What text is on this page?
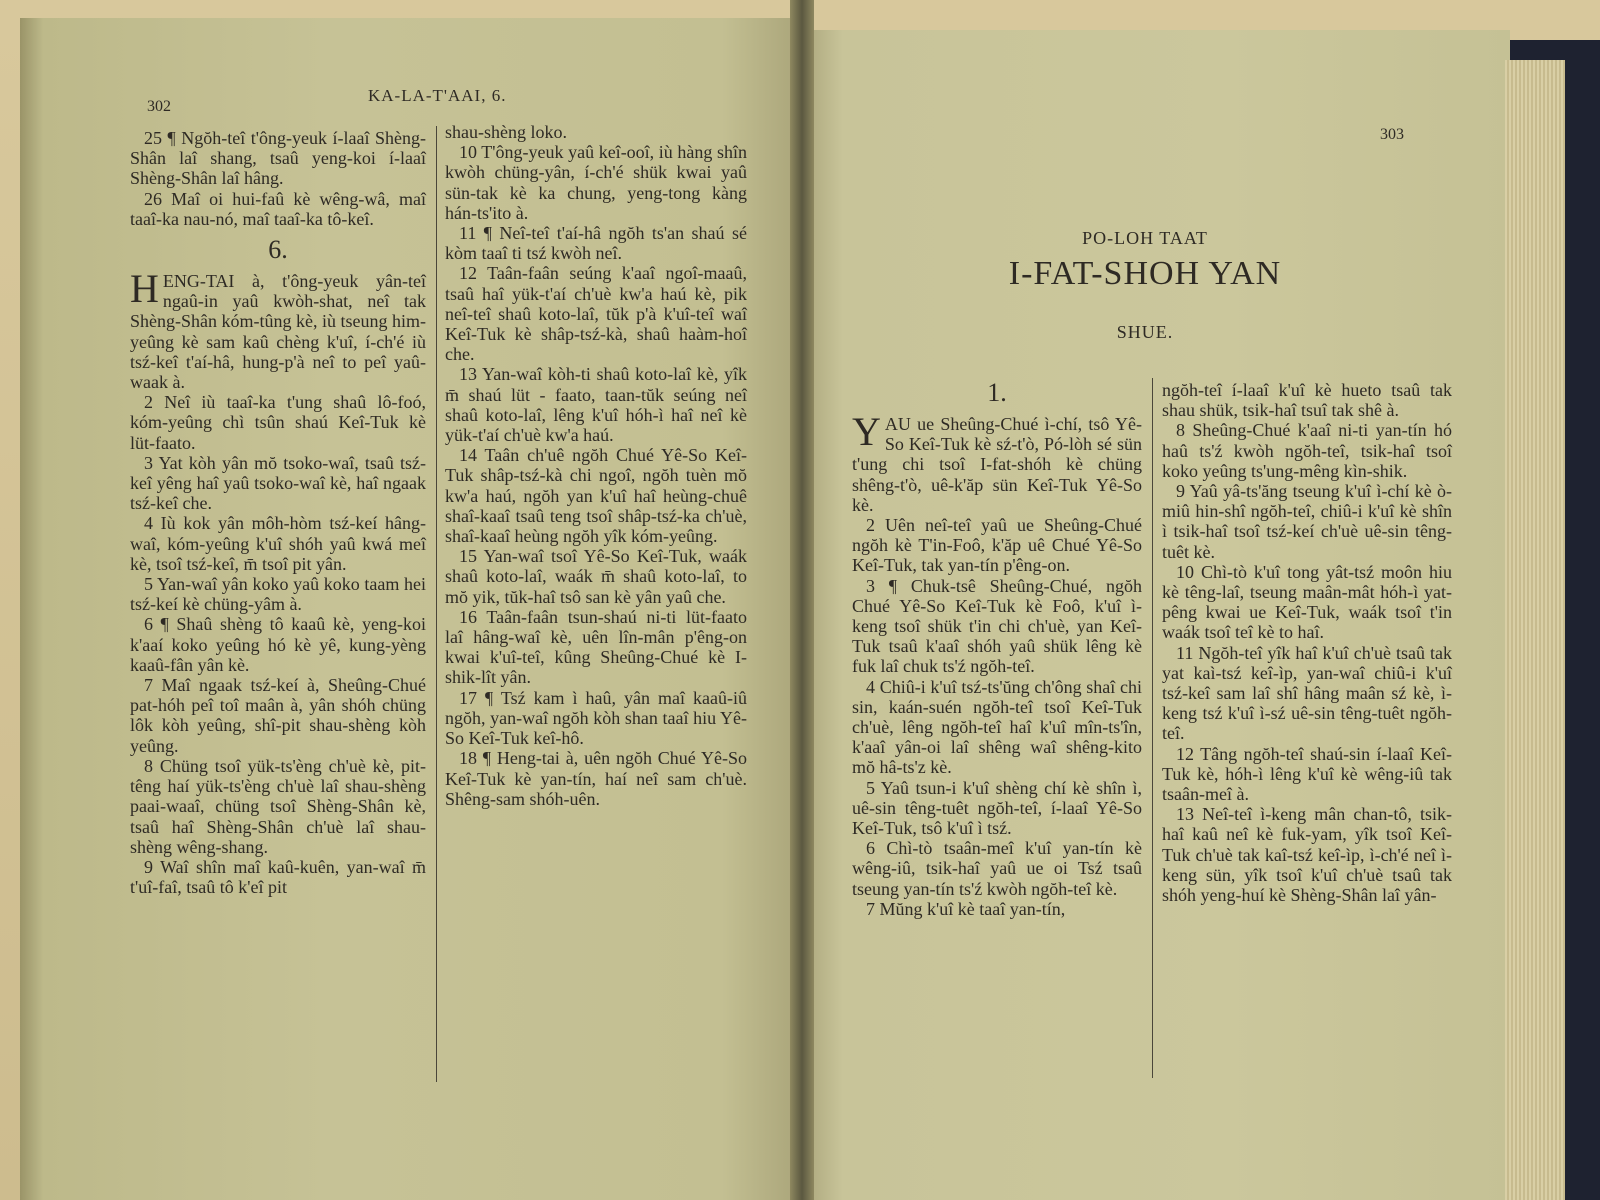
302
KA-LA-T'AAI, 6.

25 ¶ Ngŏh-teî t'ông-yeuk í-laaî Shèng-Shân laî shang, tsaû yeng-koi í-laaî Shèng-Shân laî hâng.

26 Maî oi hui-faû kè wêng-wâ, maî taaî-ka nau-nó, maî taaî-ka tô-keî.

6.

HENG-TAI à, t'ông-yeuk yân-teî ngaû-in yaû kwòh-shat, neî tak Shèng-Shân kóm-tûng kè, iù tseung him-yeûng kè sam kaû chèng k'uî, í-ch'é iù tsź-keî t'aí-hâ, hung-p'à neî to peî yaû-waak à.

2 Neî iù taaî-ka t'ung shaû lô-foó, kóm-yeûng chì tsûn shaú Keî-Tuk kè lüt-faato.

3 Yat kòh yân mŏ tsoko-waî, tsaû tsź-keî yêng haî yaû tsoko-waî kè, haî ngaak tsź-keî che.

4 Iù kok yân môh-hòm tsź-keí hâng-waî, kóm-yeûng k'uî shóh yaû kwá meî kè, tsoî tsź-keî, m̄ tsoî pit yân.

5 Yan-waî yân koko yaû koko taam hei tsź-keí kè chüng-yâm à.

6 ¶ Shaû shèng tô kaaû kè, yeng-koi k'aaí koko yeûng hó kè yê, kung-yèng kaaû-fân yân kè.

7 Maî ngaak tsź-keí à, Sheûng-Chué pat-hóh peî toî maân à, yân shóh chüng lôk kòh yeûng, shî-pit shau-shèng kòh yeûng.

8 Chüng tsoî yük-ts'èng ch'uè kè, pit-têng haí yük-ts'èng ch'uè laî shau-shèng paai-waaî, chüng tsoî Shèng-Shân kè, tsaû haî Shèng-Shân ch'uè laî shau-shèng wêng-shang.

9 Waî shîn maî kaû-kuên, yan-waî m̄ t'uî-faî, tsaû tô k'eî pit

shau-shèng loko.

10 T'ông-yeuk yaû keî-ooî, iù hàng shîn kwòh chüng-yân, í-ch'é shük kwai yaû sün-tak kè ka chung, yeng-tong kàng hán-ts'ito à.

11 ¶ Neî-teî t'aí-hâ ngŏh ts'an shaú sé kòm taaî ti tsź kwòh neî.

12 Taân-faân seúng k'aaî ngoî-maaû, tsaû haî yük-t'aí ch'uè kw'a haú kè, pik neî-teî shaû koto-laî, tŭk p'à k'uî-teî waî Keî-Tuk kè shâp-tsź-kà, shaû haàm-hoî che.

13 Yan-waî kòh-ti shaû koto-laî kè, yîk m̄ shaú lüt - faato, taan-tŭk seúng neî shaû koto-laî, lêng k'uî hóh-ì haî neî kè yük-t'aí ch'uè kw'a haú.

14 Taân ch'uê ngŏh Chué Yê-So Keî-Tuk shâp-tsź-kà chi ngoî, ngŏh tuèn mŏ kw'a haú, ngŏh yan k'uî haî heùng-chuê shaî-kaaî tsaû teng tsoî shâp-tsź-ka ch'uè, shaî-kaaî heùng ngŏh yîk kóm-yeûng.

15 Yan-waî tsoî Yê-So Keî-Tuk, waák shaû koto-laî, waák m̄ shaû koto-laî, to mŏ yik, tŭk-haî tsô san kè yân yaû che.

16 Taân-faân tsun-shaú ni-ti lüt-faato laî hâng-waî kè, uên lîn-mân p'êng-on kwai k'uî-teî, kûng Sheûng-Chué kè I-shik-lît yân.

17 ¶ Tsź kam ì haû, yân maî kaaû-iû ngŏh, yan-waî ngŏh kòh shan taaî hiu Yê-So Keî-Tuk keî-hô.

18 ¶ Heng-tai à, uên ngŏh Chué Yê-So Keî-Tuk kè yan-tín, haí neî sam ch'uè. Shêng-sam shóh-uên.

303
PO-LOH TAAT
I-FAT-SHOH YAN
SHUE.
1.

YAU ue Sheûng-Chué ì-chí, tsô Yê-So Keî-Tuk kè sź-t'ò, Pó-lòh sé sün t'ung chi tsoî I-fat-shóh kè chüng shêng-t'ò, uê-k'ăp sün Keî-Tuk Yê-So kè.

2 Uên neî-teî yaû ue Sheûng-Chué ngŏh kè T'in-Foô, k'ăp uê Chué Yê-So Keî-Tuk, tak yan-tín p'êng-on.

3 ¶ Chuk-tsê Sheûng-Chué, ngŏh Chué Yê-So Keî-Tuk kè Foô, k'uî ì-keng tsoî shük t'in chi ch'uè, yan Keî-Tuk tsaû k'aaî shóh yaû shük lêng kè fuk laî chuk ts'ź ngŏh-teî.

4 Chiû-i k'uî tsź-ts'ŭng ch'ông shaî chi sin, kaán-suén ngŏh-teî tsoî Keî-Tuk ch'uè, lêng ngŏh-teî haî k'uî mîn-ts'în, k'aaî yân-oi laî shêng waî shêng-kito mŏ hâ-ts'z kè.

5 Yaû tsun-i k'uî shèng chí kè shîn ì, uê-sin têng-tuêt ngŏh-teî, í-laaî Yê-So Keî-Tuk, tsô k'uî ì tsź.

6 Chì-tò tsaân-meî k'uî yan-tín kè wêng-iû, tsik-haî yaû ue oi Tsź tsaû tseung yan-tín ts'ź kwòh ngŏh-teî kè.

7 Mŭng k'uî kè taaî yan-tín,

ngŏh-teî í-laaî k'uî kè hueto tsaû tak shau shük, tsik-haî tsuî tak shê à.

8 Sheûng-Chué k'aaî ni-ti yan-tín hó haû ts'ź kwòh ngŏh-teî, tsik-haî tsoî koko yeûng ts'ung-mêng kìn-shik.

9 Yaû yâ-ts'ăng tseung k'uî ì-chí kè ò-miû hin-shî ngŏh-teî, chiû-i k'uî kè shîn ì tsik-haî tsoî tsź-keí ch'uè uê-sin têng-tuêt kè.

10 Chì-tò k'uî tong yât-tsź moôn hiu kè têng-laî, tseung maân-mât hóh-ì yat-pêng kwai ue Keî-Tuk, waák tsoî t'in waák tsoî teî kè to haî.

11 Ngŏh-teî yîk haî k'uî ch'uè tsaû tak yat kaì-tsź keî-ìp, yan-waî chiû-i k'uî tsź-keî sam laî shî hâng maân sź kè, ì-keng tsź k'uî ì-sź uê-sin têng-tuêt ngŏh-teî.

12 Tâng ngŏh-teî shaú-sin í-laaî Keî-Tuk kè, hóh-ì lêng k'uî kè wêng-iû tak tsaân-meî à.

13 Neî-teî ì-keng mân chan-tô, tsik-haî kaû neî kè fuk-yam, yîk tsoî Keî-Tuk ch'uè tak kaî-tsź keî-ìp, ì-ch'é neî ì-keng sün, yîk tsoî k'uî ch'uè tsaû tak shóh yeng-huí kè Shèng-Shân laî yân-
